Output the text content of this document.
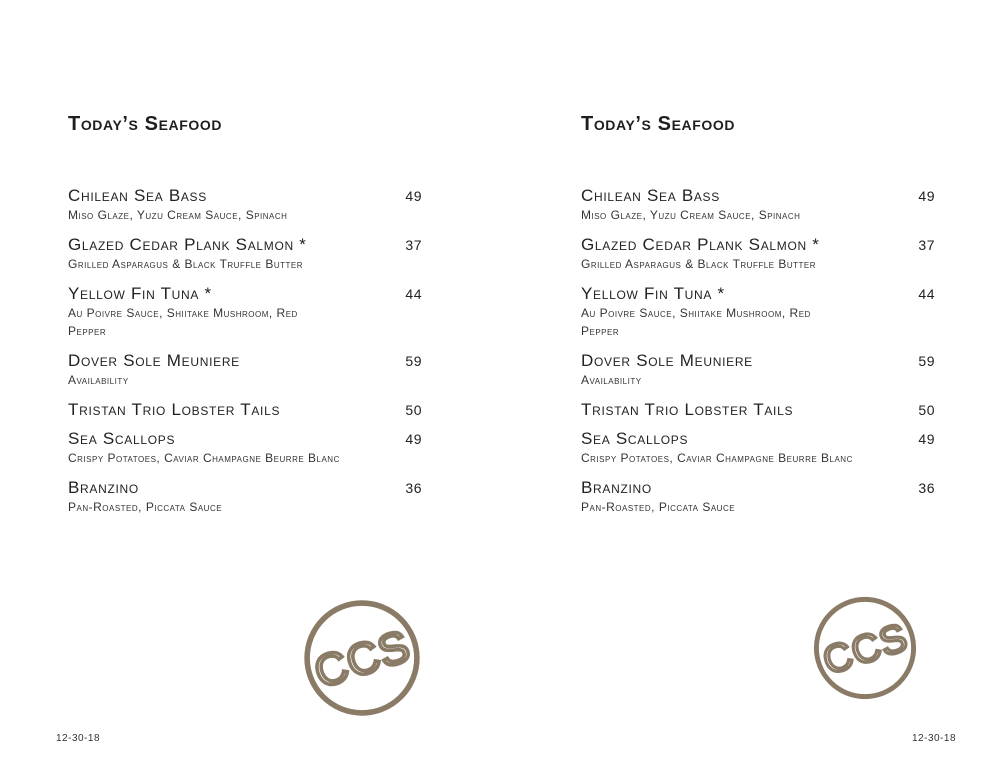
Today’s Seafood
Chilean Sea Bass
Miso Glaze, Yuzu Cream Sauce, Spinach
49
Glazed Cedar Plank Salmon *
Grilled Asparagus & Black Truffle Butter
37
Yellow Fin Tuna *
Au Poivre Sauce, Shiitake Mushroom, Red Pepper
44
Dover Sole Meuniere
Availability
59
Tristan Trio Lobster Tails	50
Sea Scallops
Crispy Potatoes, Caviar Champagne Beurre Blanc
49
Branzino
Pan-Roasted, Piccata Sauce
36
CCS
12-30-18
Today’s Seafood
Chilean Sea Bass
Miso Glaze, Yuzu Cream Sauce, Spinach
49
Glazed Cedar Plank Salmon *
Grilled Asparagus & Black Truffle Butter
37
Yellow Fin Tuna *
Au Poivre Sauce, Shiitake Mushroom, Red Pepper
44
Dover Sole Meuniere
Availability
59
Tristan Trio Lobster Tails	50
Sea Scallops
Crispy Potatoes, Caviar Champagne Beurre Blanc
49
Branzino
Pan-Roasted, Piccata Sauce
36
CCS
12-30-18
